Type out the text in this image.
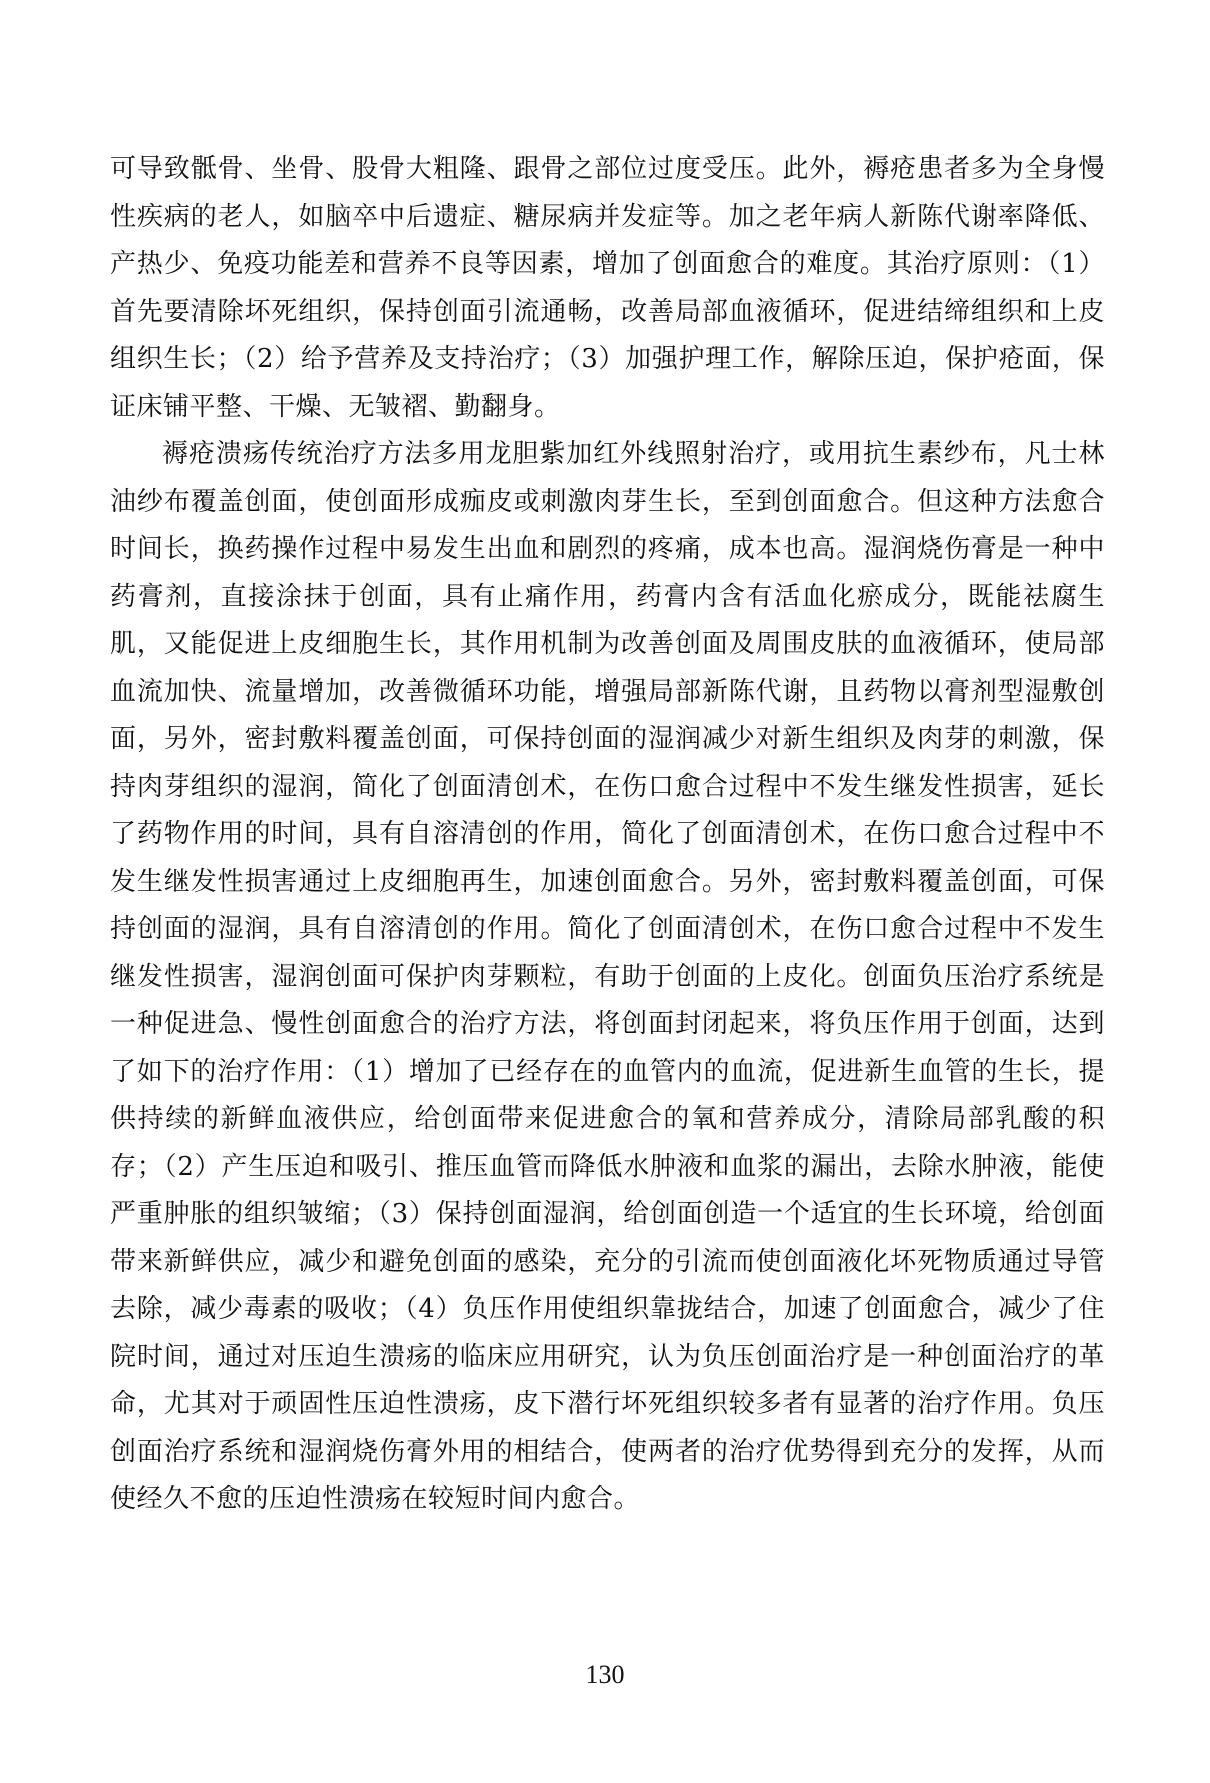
可导致骶骨、坐骨、股骨大粗隆、跟骨之部位过度受压。此外，褥疮患者多为全身慢性疾病的老人，如脑卒中后遗症、糖尿病并发症等。加之老年病人新陈代谢率降低、产热少、免疫功能差和营养不良等因素，增加了创面愈合的难度。其治疗原则：（1）首先要清除坏死组织，保持创面引流通畅，改善局部血液循环，促进结缔组织和上皮组织生长；（2）给予营养及支持治疗；（3）加强护理工作，解除压迫，保护疮面，保证床铺平整、干燥、无皱褶、勤翻身。

褥疮溃疡传统治疗方法多用龙胆紫加红外线照射治疗，或用抗生素纱布，凡士林油纱布覆盖创面，使创面形成痂皮或刺激肉芽生长，至到创面愈合。但这种方法愈合时间长，换药操作过程中易发生出血和剧烈的疼痛，成本也高。湿润烧伤膏是一种中药膏剂，直接涂抹于创面，具有止痛作用，药膏内含有活血化瘀成分，既能祛腐生肌，又能促进上皮细胞生长，其作用机制为改善创面及周围皮肤的血液循环，使局部血流加快、流量增加，改善微循环功能，增强局部新陈代谢，且药物以膏剂型湿敷创面，另外，密封敷料覆盖创面，可保持创面的湿润减少对新生组织及肉芽的刺激，保持肉芽组织的湿润，简化了创面清创术，在伤口愈合过程中不发生继发性损害，延长了药物作用的时间，具有自溶清创的作用，简化了创面清创术，在伤口愈合过程中不发生继发性损害通过上皮细胞再生，加速创面愈合。另外，密封敷料覆盖创面，可保持创面的湿润，具有自溶清创的作用。简化了创面清创术，在伤口愈合过程中不发生继发性损害，湿润创面可保护肉芽颗粒，有助于创面的上皮化。创面负压治疗系统是一种促进急、慢性创面愈合的治疗方法，将创面封闭起来，将负压作用于创面，达到了如下的治疗作用：（1）增加了已经存在的血管内的血流，促进新生血管的生长，提供持续的新鲜血液供应，给创面带来促进愈合的氧和营养成分，清除局部乳酸的积存；（2）产生压迫和吸引、推压血管而降低水肿液和血浆的漏出，去除水肿液，能使严重肿胀的组织皱缩；（3）保持创面湿润，给创面创造一个适宜的生长环境，给创面带来新鲜供应，减少和避免创面的感染，充分的引流而使创面液化坏死物质通过导管去除，减少毒素的吸收；（4）负压作用使组织靠拢结合，加速了创面愈合，减少了住院时间，通过对压迫生溃疡的临床应用研究，认为负压创面治疗是一种创面治疗的革命，尤其对于顽固性压迫性溃疡，皮下潜行坏死组织较多者有显著的治疗作用。负压创面治疗系统和湿润烧伤膏外用的相结合，使两者的治疗优势得到充分的发挥，从而使经久不愈的压迫性溃疡在较短时间内愈合。

130
